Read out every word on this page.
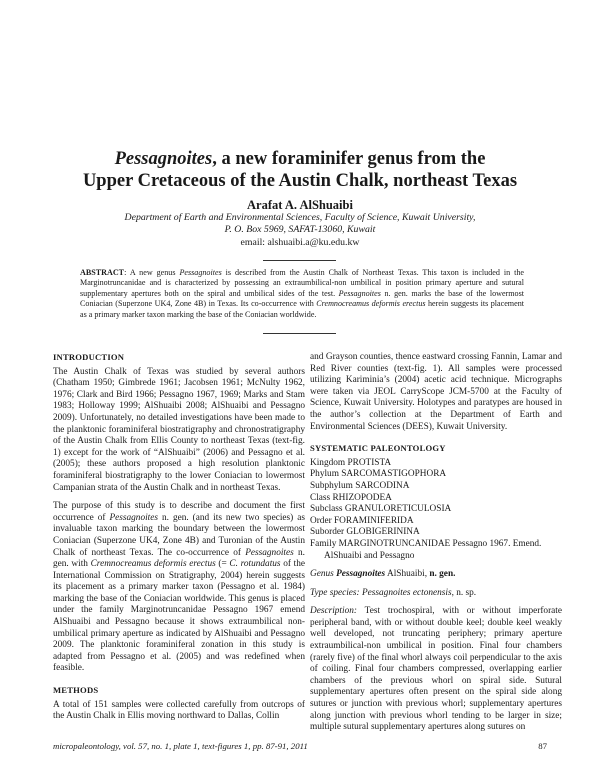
Pessagnoites, a new foraminifer genus from the
Upper Cretaceous of the Austin Chalk, northeast Texas
Arafat A. AlShuaibi
Department of Earth and Environmental Sciences, Faculty of Science, Kuwait University,
P. O. Box 5969, SAFAT-13060, Kuwait
email: alshuaibi.a@ku.edu.kw

ABSTRACT: A new genus Pessagnoites is described from the Austin Chalk of Northeast Texas. This taxon is included in the Marginotruncanidae and is characterized by possessing an extraumbilical-non umbilical in position primary aperture and sutural supplementary apertures both on the spiral and umbilical sides of the test. Pessagnoites n. gen. marks the base of the lowermost Coniacian (Superzone UK4, Zone 4B) in Texas. Its co-occurrence with Cremnocreamus deformis erectus herein suggests its placement as a primary marker taxon marking the base of the Coniacian worldwide.

INTRODUCTION

The Austin Chalk of Texas was studied by several authors (Chatham 1950; Gimbrede 1961; Jacobsen 1961; McNulty 1962, 1976; Clark and Bird 1966; Pessagno 1967, 1969; Marks and Stam 1983; Holloway 1999; AlShuaibi 2008; AlShuaibi and Pessagno 2009). Unfortunately, no detailed investigations have been made to the planktonic foraminiferal biostratigraphy and chronostratigraphy of the Austin Chalk from Ellis County to northeast Texas (text-fig. 1) except for the work of “AlShuaibi” (2006) and Pessagno et al. (2005); these authors proposed a high resolution planktonic foraminiferal biostratigraphy to the lower Coniacian to lowermost Campanian strata of the Austin Chalk and in northeast Texas.

The purpose of this study is to describe and document the first occurrence of Pessagnoites n. gen. (and its new two species) as invaluable taxon marking the boundary between the lowermost Coniacian (Superzone UK4, Zone 4B) and Turonian of the Austin Chalk of northeast Texas. The co-occurrence of Pessagnoites n. gen. with Cremnocreamus deformis erectus (= C. rotundatus of the International Commission on Stratigraphy, 2004) herein suggests its placement as a primary marker taxon (Pessagno et al. 1984) marking the base of the Coniacian worldwide. This genus is placed under the family Marginotruncanidae Pessagno 1967 emend AlShuaibi and Pessagno because it shows extraumbilical non-umbilical primary aperture as indicated by AlShuaibi and Pessagno 2009. The planktonic foraminiferal zonation in this study is adapted from Pessagno et al. (2005) and was redefined when feasible.

METHODS

A total of 151 samples were collected carefully from outcrops of the Austin Chalk in Ellis moving northward to Dallas, Collin

and Grayson counties, thence eastward crossing Fannin, Lamar and Red River counties (text-fig. 1). All samples were processed utilizing Kariminia’s (2004) acetic acid technique. Micrographs were taken via JEOL CarryScope JCM-5700 at the Faculty of Science, Kuwait University. Holotypes and paratypes are housed in the author’s collection at the Department of Earth and Environmental Sciences (DEES), Kuwait University.

SYSTEMATIC PALEONTOLOGY
Kingdom PROTISTA
Phylum SARCOMASTIGOPHORA
Subphylum SARCODINA
Class RHIZOPODEA
Subclass GRANULORETICULOSIA
Order FORAMINIFERIDA
Suborder GLOBIGERININA
Family MARGINOTRUNCANIDAE Pessagno 1967. Emend.
AlShuaibi and Pessagno

Genus Pessagnoites AlShuaibi, n. gen.

Type species: Pessagnoites ectonensis, n. sp.

Description: Test trochospiral, with or without imperforate peripheral band, with or without double keel; double keel weakly well developed, not truncating periphery; primary aperture extraumbilical-non umbilical in position. Final four chambers (rarely five) of the final whorl always coil perpendicular to the axis of coiling. Final four chambers compressed, overlapping earlier chambers of the previous whorl on spiral side. Sutural supplementary apertures often present on the spiral side along sutures or junction with previous whorl; supplementary apertures along junction with previous whorl tending to be larger in size; multiple sutural supplementary apertures along sutures on

micropaleontology, vol. 57, no. 1, plate 1, text-figures 1, pp. 87-91, 2011	87
